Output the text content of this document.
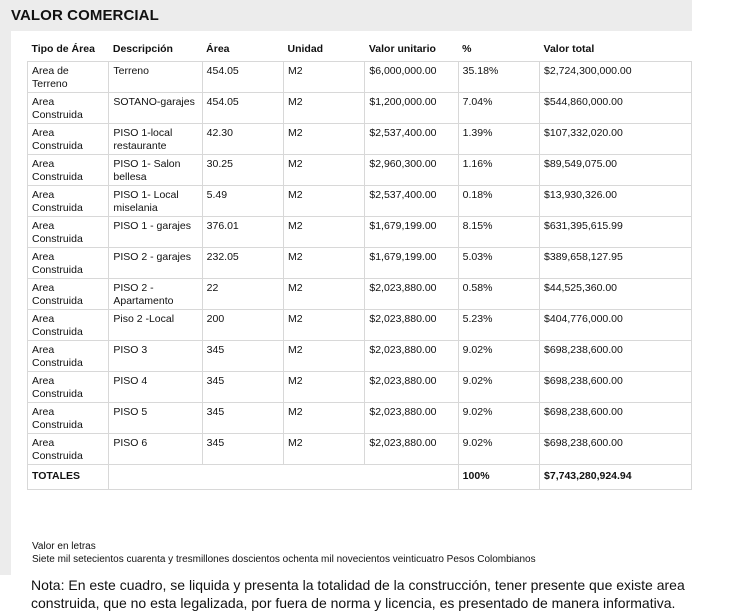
VALOR COMERCIAL
Tipo de Área	Descripción	Área	Unidad	Valor unitario	%	Valor total
Area de Terreno	Terreno	454.05	M2	$6,000,000.00	35.18%	$2,724,300,000.00
Area Construida	SOTANO-garajes	454.05	M2	$1,200,000.00	7.04%	$544,860,000.00
Area Construida	PISO 1-local restaurante	42.30	M2	$2,537,400.00	1.39%	$107,332,020.00
Area Construida	PISO 1- Salon bellesa	30.25	M2	$2,960,300.00	1.16%	$89,549,075.00
Area Construida	PISO 1- Local miselania	5.49	M2	$2,537,400.00	0.18%	$13,930,326.00
Area Construida	PISO 1 - garajes	376.01	M2	$1,679,199.00	8.15%	$631,395,615.99
Area Construida	PISO 2 - garajes	232.05	M2	$1,679,199.00	5.03%	$389,658,127.95
Area Construida	PISO 2 - Apartamento	22	M2	$2,023,880.00	0.58%	$44,525,360.00
Area Construida	Piso 2 -Local	200	M2	$2,023,880.00	5.23%	$404,776,000.00
Area Construida	PISO 3	345	M2	$2,023,880.00	9.02%	$698,238,600.00
Area Construida	PISO 4	345	M2	$2,023,880.00	9.02%	$698,238,600.00
Area Construida	PISO 5	345	M2	$2,023,880.00	9.02%	$698,238,600.00
Area Construida	PISO 6	345	M2	$2,023,880.00	9.02%	$698,238,600.00
TOTALES					100%	$7,743,280,924.94
Valor en letras
Siete mil setecientos cuarenta y tresmillones doscientos ochenta mil novecientos veinticuatro Pesos Colombianos
Nota: En este cuadro, se liquida y presenta la totalidad de la construcción, tener presente que existe area construida, que no esta legalizada, por fuera de norma y licencia, es presentado de manera informativa.
